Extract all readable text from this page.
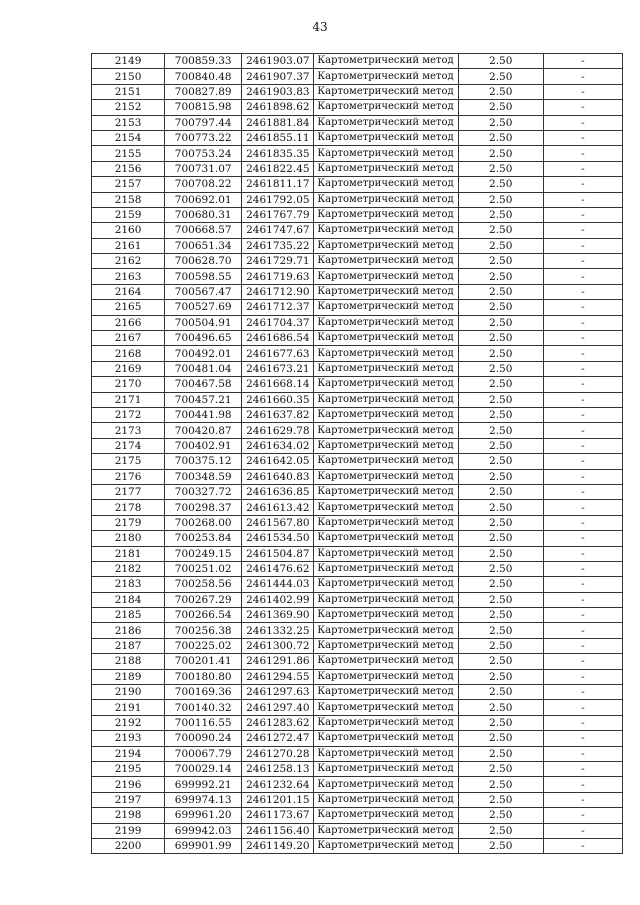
43
2149	700859.33	2461903.07	Картометрический метод	2.50	-
2150	700840.48	2461907.37	Картометрический метод	2.50	-
2151	700827.89	2461903.83	Картометрический метод	2.50	-
2152	700815.98	2461898.62	Картометрический метод	2.50	-
2153	700797.44	2461881.84	Картометрический метод	2.50	-
2154	700773.22	2461855.11	Картометрический метод	2.50	-
2155	700753.24	2461835.35	Картометрический метод	2.50	-
2156	700731.07	2461822.45	Картометрический метод	2.50	-
2157	700708.22	2461811.17	Картометрический метод	2.50	-
2158	700692.01	2461792.05	Картометрический метод	2.50	-
2159	700680.31	2461767.79	Картометрический метод	2.50	-
2160	700668.57	2461747.67	Картометрический метод	2.50	-
2161	700651.34	2461735.22	Картометрический метод	2.50	-
2162	700628.70	2461729.71	Картометрический метод	2.50	-
2163	700598.55	2461719.63	Картометрический метод	2.50	-
2164	700567.47	2461712.90	Картометрический метод	2.50	-
2165	700527.69	2461712.37	Картометрический метод	2.50	-
2166	700504.91	2461704.37	Картометрический метод	2.50	-
2167	700496.65	2461686.54	Картометрический метод	2.50	-
2168	700492.01	2461677.63	Картометрический метод	2.50	-
2169	700481.04	2461673.21	Картометрический метод	2.50	-
2170	700467.58	2461668.14	Картометрический метод	2.50	-
2171	700457.21	2461660.35	Картометрический метод	2.50	-
2172	700441.98	2461637.82	Картометрический метод	2.50	-
2173	700420.87	2461629.78	Картометрический метод	2.50	-
2174	700402.91	2461634.02	Картометрический метод	2.50	-
2175	700375.12	2461642.05	Картометрический метод	2.50	-
2176	700348.59	2461640.83	Картометрический метод	2.50	-
2177	700327.72	2461636.85	Картометрический метод	2.50	-
2178	700298.37	2461613.42	Картометрический метод	2.50	-
2179	700268.00	2461567.80	Картометрический метод	2.50	-
2180	700253.84	2461534.50	Картометрический метод	2.50	-
2181	700249.15	2461504.87	Картометрический метод	2.50	-
2182	700251.02	2461476.62	Картометрический метод	2.50	-
2183	700258.56	2461444.03	Картометрический метод	2.50	-
2184	700267.29	2461402.99	Картометрический метод	2.50	-
2185	700266.54	2461369.90	Картометрический метод	2.50	-
2186	700256.38	2461332.25	Картометрический метод	2.50	-
2187	700225.02	2461300.72	Картометрический метод	2.50	-
2188	700201.41	2461291.86	Картометрический метод	2.50	-
2189	700180.80	2461294.55	Картометрический метод	2.50	-
2190	700169.36	2461297.63	Картометрический метод	2.50	-
2191	700140.32	2461297.40	Картометрический метод	2.50	-
2192	700116.55	2461283.62	Картометрический метод	2.50	-
2193	700090.24	2461272.47	Картометрический метод	2.50	-
2194	700067.79	2461270.28	Картометрический метод	2.50	-
2195	700029.14	2461258.13	Картометрический метод	2.50	-
2196	699992.21	2461232.64	Картометрический метод	2.50	-
2197	699974.13	2461201.15	Картометрический метод	2.50	-
2198	699961.20	2461173.67	Картометрический метод	2.50	-
2199	699942.03	2461156.40	Картометрический метод	2.50	-
2200	699901.99	2461149.20	Картометрический метод	2.50	-
